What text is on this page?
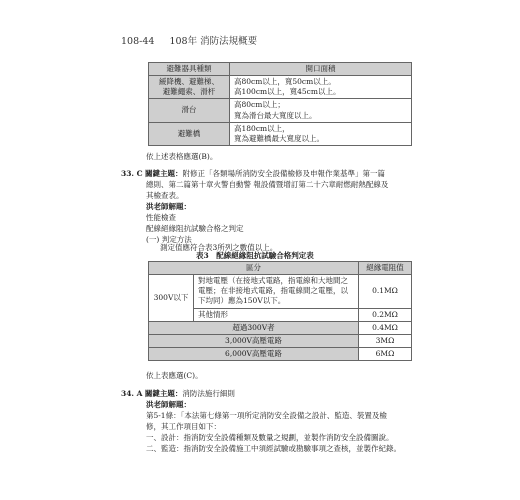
108-44 108年 消防法規概要
避難器具種類	開口面積
緩降機、避難梯、
避難繩索、滑杆	高80cm以上，寬50cm以上。
高100cm以上，寬45cm以上。
滑台	高80cm以上；
寬為滑台最大寬度以上。
避難橋	高180cm以上，
寬為避難橋最大寬度以上。
依上述表格應選(B)。
33. C 關鍵主題：附修正「各類場所消防安全設備檢修及申報作業基準」第一篇
總則、第二篇第十章火警自動警 報設備暨增訂第二十六章耐燃耐熱配線及
其檢查表。
洪老師解題：
性能檢查
配線絕緣阻抗試驗合格之判定
(一) 判定方法
測定值應符合表3所列之數值以上。
表3　配線絕緣阻抗試驗合格判定表
區分		絕緣電阻值
300V以下	對地電壓（在接地式電路，指電線和大地間之電壓；在非接地式電路，指電線間之電壓，以下均同）應為150V以下。	0.1MΩ
	其他情形	0.2MΩ
超過300V者		0.4MΩ
3,000V高壓電路		3MΩ
6,000V高壓電路		6MΩ
依上表應選(C)。
34. A 關鍵主題：消防法施行細則
洪老師解題：
第5-1條：「本法第七條第一項所定消防安全設備之設計、監造、裝置及檢
修，其工作項目如下：
一、設計：指消防安全設備種類及數量之規劃，並製作消防安全設備圖說。
二、監造：指消防安全設備施工中須經試驗或勘驗事項之查核，並製作紀錄。
